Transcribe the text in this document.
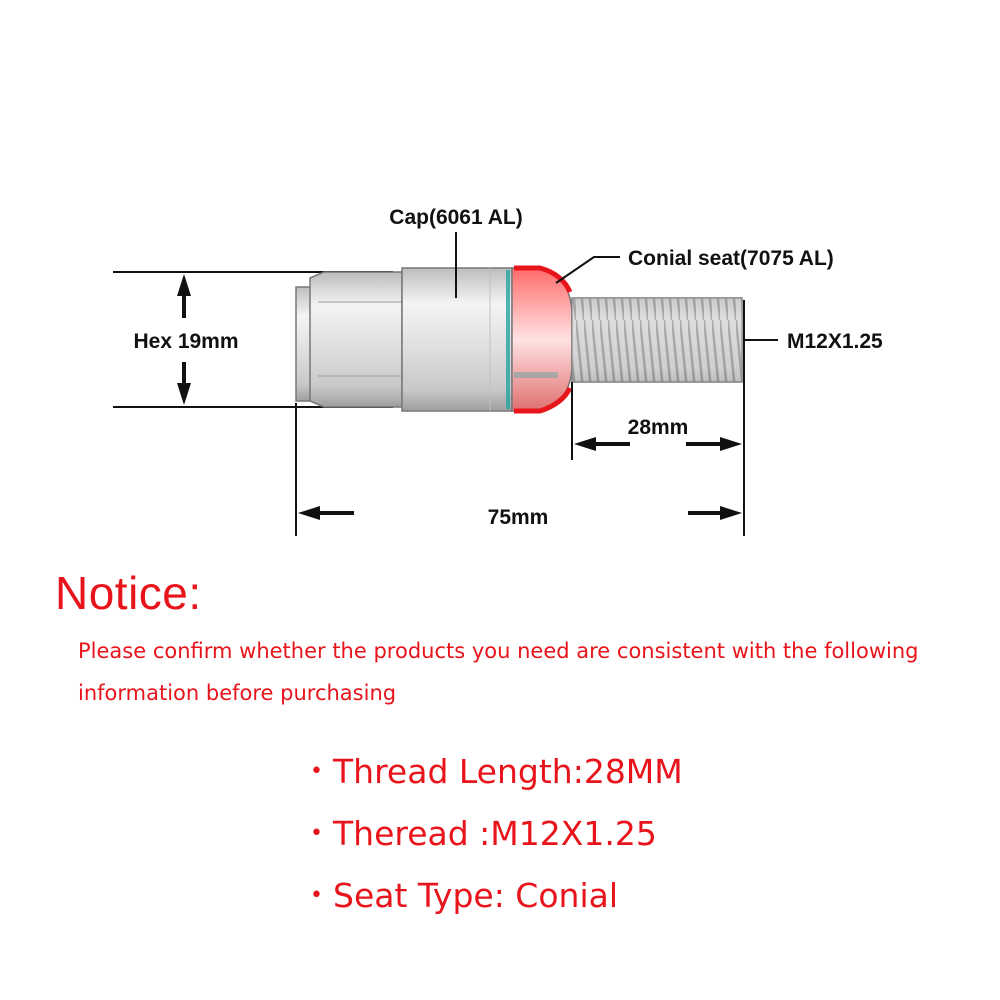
Hex 19mm
Cap(6061 AL)
Conial seat(7075 AL)
M12X1.25
28mm
75mm
Notice:

Please confirm whether the products you need are consistent with the following information before purchasing

• Thread Length:28MM
• Theread :M12X1.25
• Seat Type: Conial
